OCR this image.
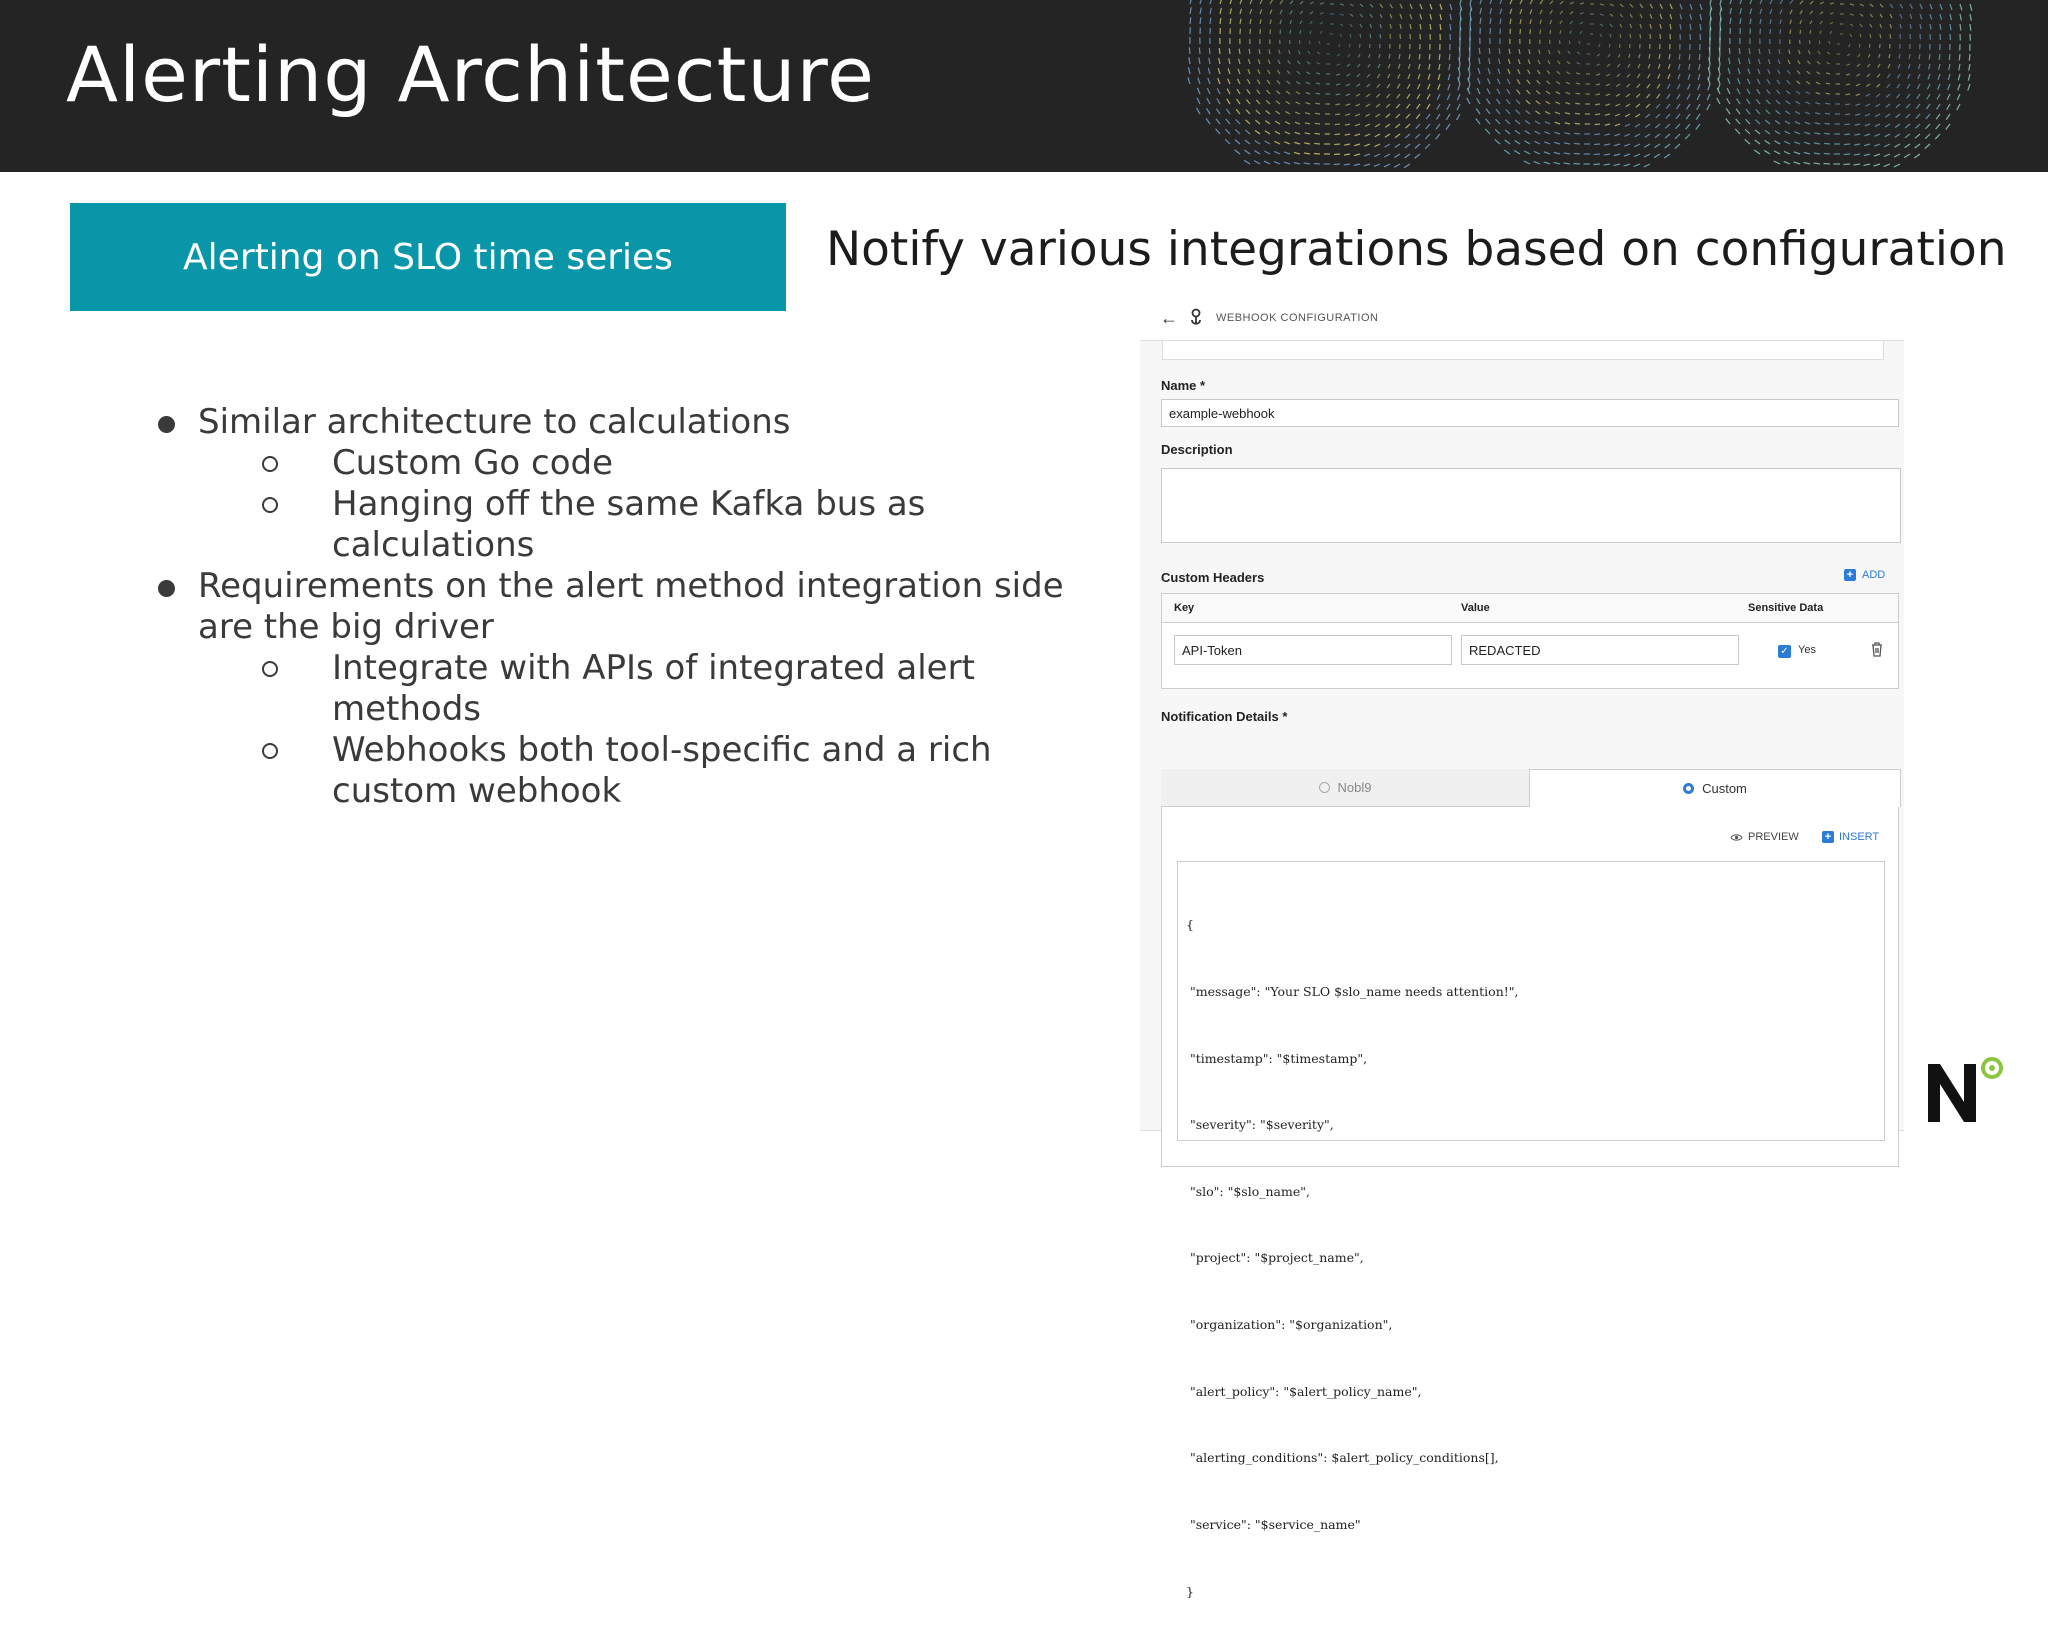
Alerting Architecture
Alerting on SLO time series	Notify various integrations based on configuration
Similar architecture to calculations
Custom Go code
Hanging off the same Kafka bus as calculations
Requirements on the alert method integration side are the big driver
Integrate with APIs of integrated alert methods
Webhooks both tool-specific and a rich custom webhook
←	WEBHOOK CONFIGURATION
Name *
example-webhook
Description
Custom Headers	+ ADD
Key	Value	Sensitive Data
API-Token	REDACTED	✓ Yes
Notification Details *
Nobl9	Custom
PREVIEW + INSERT

{

"message": "Your SLO $slo_name needs attention!",

"timestamp": "$timestamp",

"severity": "$severity",

"slo": "$slo_name",

"project": "$project_name",

"organization": "$organization",

"alert_policy": "$alert_policy_name",

"alerting_conditions": $alert_policy_conditions[],

"service": "$service_name"

}
